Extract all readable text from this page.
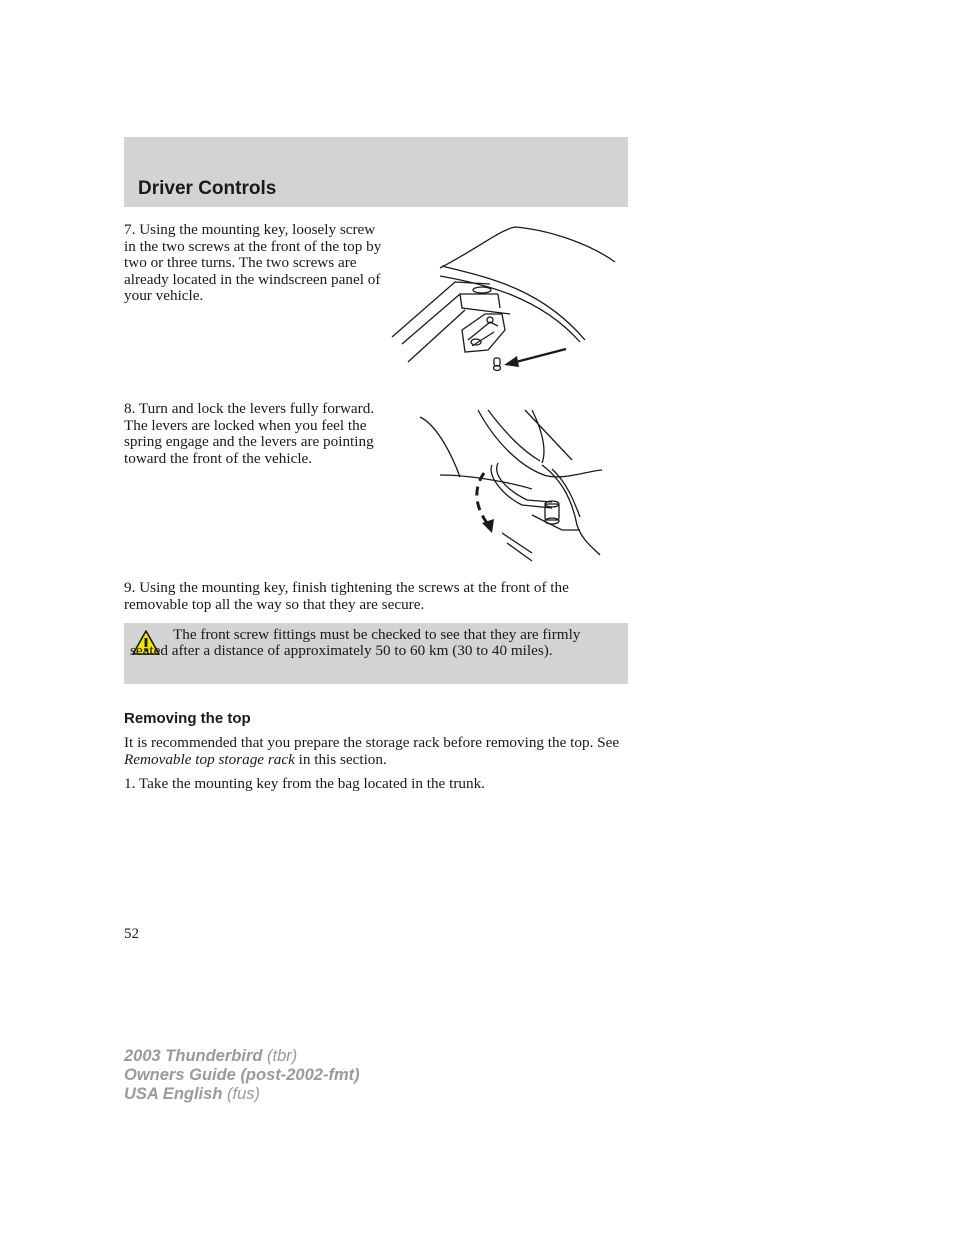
Driver Controls

7. Using the mounting key, loosely screw in the two screws at the front of the top by two or three turns. The two screws are already located in the windscreen panel of your vehicle.

8. Turn and lock the levers fully forward. The levers are locked when you feel the spring engage and the levers are pointing toward the front of the vehicle.

9. Using the mounting key, finish tightening the screws at the front of the removable top all the way so that they are secure.

The front screw fittings must be checked to see that they are firmly seated after a distance of approximately 50 to 60 km (30 to 40 miles).

Removing the top

It is recommended that you prepare the storage rack before removing the top. See Removable top storage rack in this section.

1. Take the mounting key from the bag located in the trunk.

52
2003 Thunderbird (tbr)
Owners Guide (post-2002-fmt)
USA English (fus)
